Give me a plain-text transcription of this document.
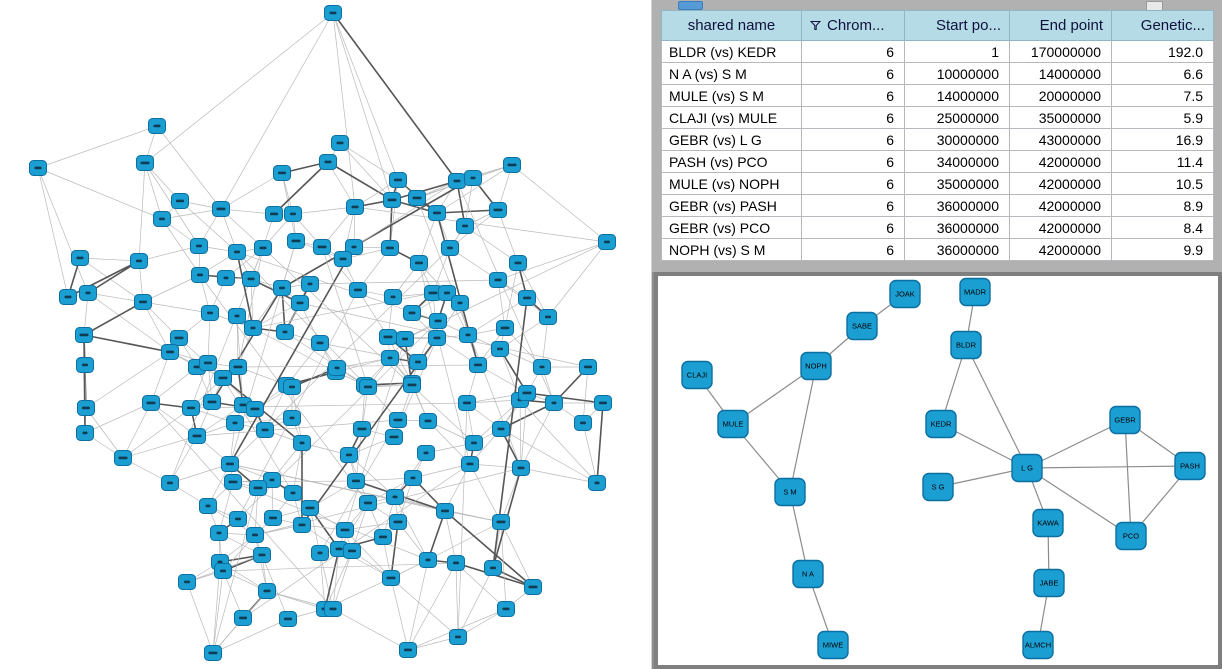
shared name	Chrom...	Start po...	End point	Genetic...
BLDR (vs) KEDR	6	1	170000000	192.0
N A (vs) S M	6	10000000	14000000	6.6
MULE (vs) S M	6	14000000	20000000	7.5
CLAJI (vs) MULE	6	25000000	35000000	5.9
GEBR (vs) L G	6	30000000	43000000	16.9
PASH (vs) PCO	6	34000000	42000000	11.4
MULE (vs) NOPH	6	35000000	42000000	10.5
GEBR (vs) PASH	6	36000000	42000000	8.9
GEBR (vs) PCO	6	36000000	42000000	8.4
NOPH (vs) S M	6	36000000	42000000	9.9
JOAK	MADR
SABE
BLDR
NOPH
CLAJI
MULE	KEDR	GEBR
L G	PASH
S G
S M
KAWA
PCO
N A
JABE
ALMCH
MIWE
